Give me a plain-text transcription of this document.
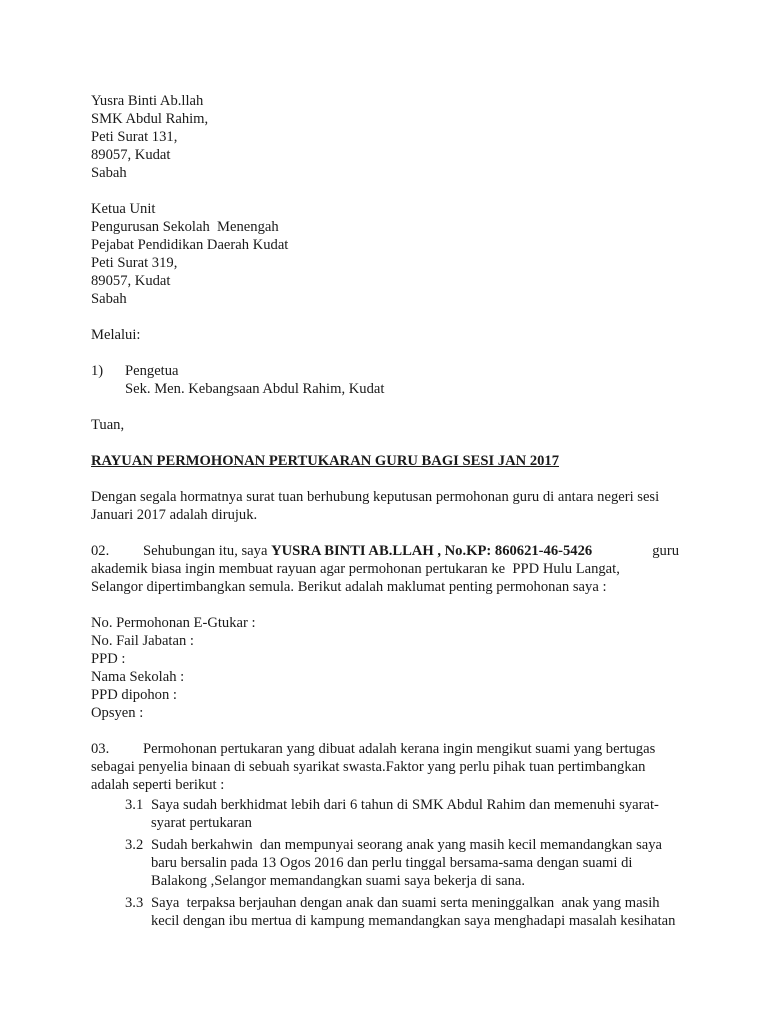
Yusra Binti Ab.llah
SMK Abdul Rahim,
Peti Surat 131,
89057, Kudat
Sabah
Ketua Unit
Pengurusan Sekolah  Menengah
Pejabat Pendidikan Daerah Kudat
Peti Surat 319,
89057, Kudat
Sabah
Melalui:
1)	Pengetua
Sek. Men. Kebangsaan Abdul Rahim, Kudat
Tuan,
RAYUAN PERMOHONAN PERTUKARAN GURU BAGI SESI JAN 2017
Dengan segala hormatnya surat tuan berhubung keputusan permohonan guru di antara negeri sesi
Januari 2017 adalah dirujuk.
02.	Sehubungan itu, saya YUSRA BINTI AB.LLAH , No.KP: 860621-46-5426	guru
akademik biasa ingin membuat rayuan agar permohonan pertukaran ke  PPD Hulu Langat,
Selangor dipertimbangkan semula. Berikut adalah maklumat penting permohonan saya :
No. Permohonan E-Gtukar :
No. Fail Jabatan :
PPD :
Nama Sekolah :
PPD dipohon :
Opsyen :
03.	Permohonan pertukaran yang dibuat adalah kerana ingin mengikut suami yang bertugas
sebagai penyelia binaan di sebuah syarikat swasta.Faktor yang perlu pihak tuan pertimbangkan
adalah seperti berikut :
3.1 Saya sudah berkhidmat lebih dari 6 tahun di SMK Abdul Rahim dan memenuhi syarat-
syarat pertukaran
3.2 Sudah berkahwin  dan mempunyai seorang anak yang masih kecil memandangkan saya
baru bersalin pada 13 Ogos 2016 dan perlu tinggal bersama-sama dengan suami di
Balakong ,Selangor memandangkan suami saya bekerja di sana.
3.3 Saya  terpaksa berjauhan dengan anak dan suami serta meninggalkan  anak yang masih
kecil dengan ibu mertua di kampung memandangkan saya menghadapi masalah kesihatan
